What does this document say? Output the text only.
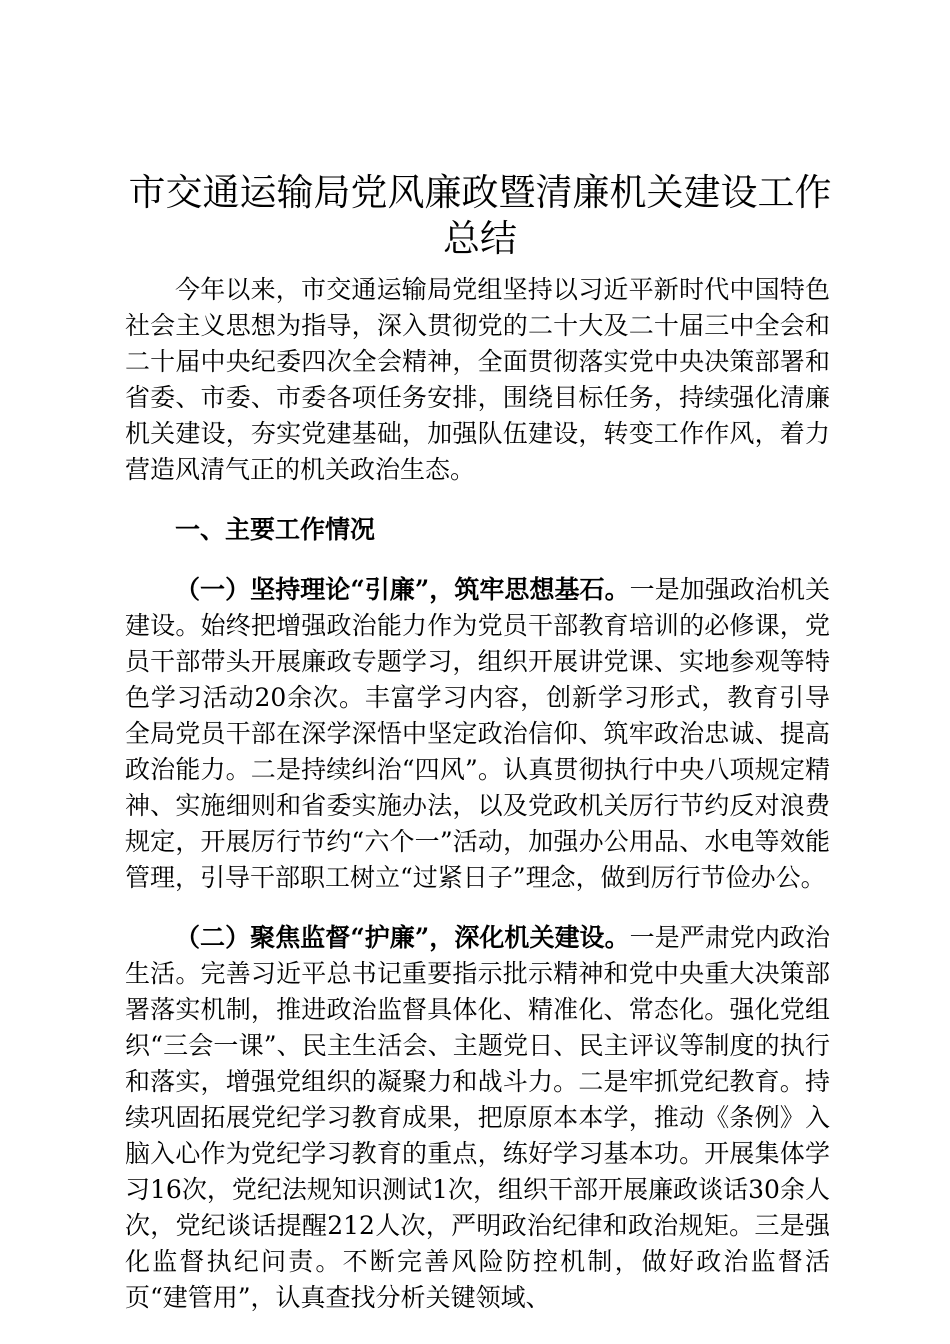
市交通运输局党风廉政暨清廉机关建设工作总结

今年以来，市交通运输局党组坚持以习近平新时代中国特色社会主义思想为指导，深入贯彻党的二十大及二十届三中全会和二十届中央纪委四次全会精神，全面贯彻落实党中央决策部署和省委、市委、市委各项任务安排，围绕目标任务，持续强化清廉机关建设，夯实党建基础，加强队伍建设，转变工作作风，着力营造风清气正的机关政治生态。

一、主要工作情况

（一）坚持理论“引廉”，筑牢思想基石。一是加强政治机关建设。始终把增强政治能力作为党员干部教育培训的必修课，党员干部带头开展廉政专题学习，组织开展讲党课、实地参观等特色学习活动20余次。丰富学习内容，创新学习形式，教育引导全局党员干部在深学深悟中坚定政治信仰、筑牢政治忠诚、提高政治能力。二是持续纠治“四风”。认真贯彻执行中央八项规定精神、实施细则和省委实施办法，以及党政机关厉行节约反对浪费规定，开展厉行节约“六个一”活动，加强办公用品、水电等效能管理，引导干部职工树立“过紧日子”理念，做到厉行节俭办公。

（二）聚焦监督“护廉”，深化机关建设。一是严肃党内政治生活。完善习近平总书记重要指示批示精神和党中央重大决策部署落实机制，推进政治监督具体化、精准化、常态化。强化党组织“三会一课”、民主生活会、主题党日、民主评议等制度的执行和落实，增强党组织的凝聚力和战斗力。二是牢抓党纪教育。持续巩固拓展党纪学习教育成果，把原原本本学，推动《条例》入脑入心作为党纪学习教育的重点，练好学习基本功。开展集体学习16次，党纪法规知识测试1次，组织干部开展廉政谈话30余人次，党纪谈话提醒212人次，严明政治纪律和政治规矩。三是强化监督执纪问责。不断完善风险防控机制，做好政治监督活页“建管用”，认真查找分析关键领域、
